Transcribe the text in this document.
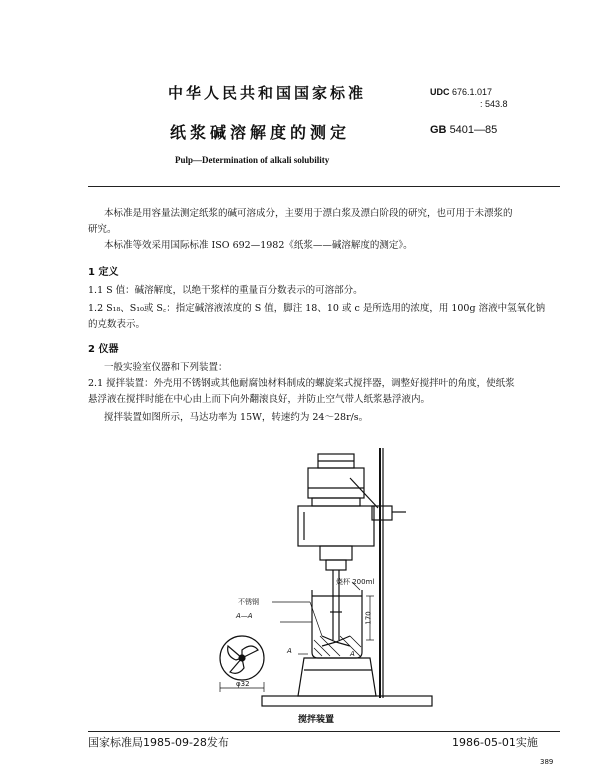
中华人民共和国国家标准	UDC 676.1.017
: 543.8
纸浆碱溶解度的测定	GB 5401—85
Pulp—Determination of alkali solubility
本标准是用容量法测定纸浆的碱可溶成分，主要用于漂白浆及漂白阶段的研究，也可用于未漂浆的
研究。
本标准等效采用国际标准 ISO 692—1982《纸浆——碱溶解度的测定》。
1 定义
1.1 S 值：碱溶解度，以绝干浆样的重量百分数表示的可溶部分。
1.2 S₁₈、S₁₀或 S꜀：指定碱溶液浓度的 S 值，脚注 18、10 或 c 是所选用的浓度，用 100g 溶液中氢氧化钠
的克数表示。
2 仪器
一般实验室仪器和下列装置：
2.1 搅拌装置：外壳用不锈钢或其他耐腐蚀材料制成的螺旋桨式搅拌器，调整好搅拌叶的角度，使纸浆
悬浮液在搅拌时能在中心由上而下向外翻滚良好，并防止空气带人纸浆悬浮液内。
搅拌装置如图所示，马达功率为 15W，转速约为 24～28r/s。
不锈钢
A—A
烧杯 200ml
170
A	A
φ32
搅拌装置
国家标准局1985-09-28发布	1986-05-01实施
389
